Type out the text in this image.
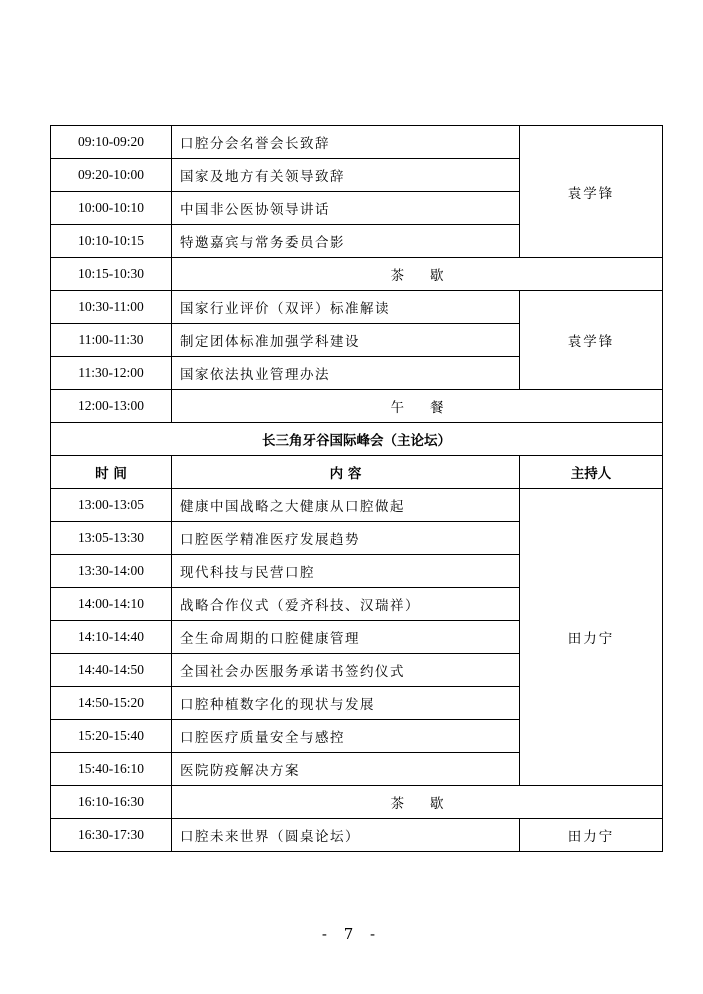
09:10-09:20	口腔分会名誉会长致辞	袁学锋
09:20-10:00	国家及地方有关领导致辞	
10:00-10:10	中国非公医协领导讲话	
10:10-10:15	特邀嘉宾与常务委员合影	
10:15-10:30	茶歇	
10:30-11:00	国家行业评价（双评）标准解读	袁学锋
11:00-11:30	制定团体标准加强学科建设	
11:30-12:00	国家依法执业管理办法	
12:00-13:00	午餐	
长三角牙谷国际峰会（主论坛）		
时 间	内 容	主持人
13:00-13:05	健康中国战略之大健康从口腔做起	田力宁
13:05-13:30	口腔医学精准医疗发展趋势	
13:30-14:00	现代科技与民营口腔	
14:00-14:10	战略合作仪式（爱齐科技、汉瑞祥）	
14:10-14:40	全生命周期的口腔健康管理	
14:40-14:50	全国社会办医服务承诺书签约仪式	
14:50-15:20	口腔种植数字化的现状与发展	
15:20-15:40	口腔医疗质量安全与感控	
15:40-16:10	医院防疫解决方案	
16:10-16:30	茶歇	
16:30-17:30	口腔未来世界（圆桌论坛）	田力宁
- 7 -
